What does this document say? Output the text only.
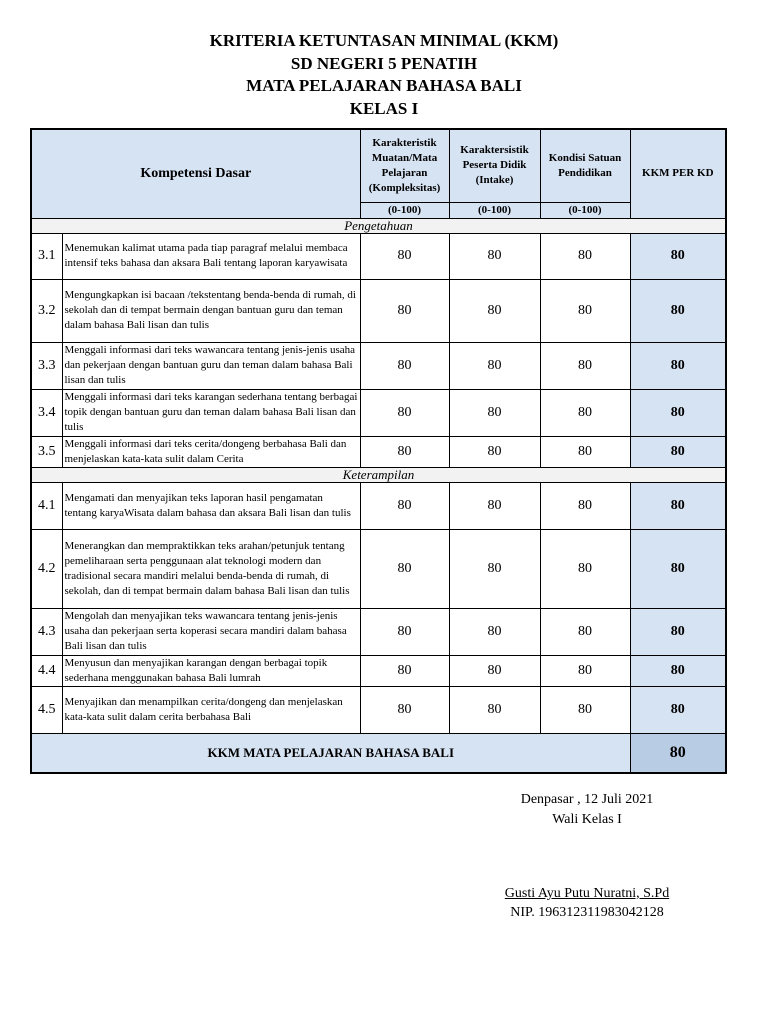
KRITERIA KETUNTASAN MINIMAL (KKM)
SD NEGERI 5 PENATIH
MATA PELAJARAN BAHASA BALI
KELAS I
Kompetensi Dasar		Karakteristik Muatan/Mata Pelajaran (Kompleksitas)	Karaktersistik Peserta Didik (Intake)	Kondisi Satuan Pendidikan	KKM PER KD
		(0-100)	(0-100)	(0-100)	
Pengetahuan					
3.1	Menemukan kalimat utama pada tiap paragraf melalui membaca intensif teks bahasa dan aksara Bali tentang laporan karyawisata	80	80	80	80
3.2	Mengungkapkan isi bacaan /tekstentang benda-benda di rumah, di sekolah dan di tempat bermain dengan bantuan guru dan teman dalam bahasa Bali lisan dan tulis	80	80	80	80
3.3	Menggali informasi dari teks wawancara tentang jenis-jenis usaha dan pekerjaan dengan bantuan guru dan teman dalam bahasa Bali lisan dan tulis	80	80	80	80
3.4	Menggali informasi dari teks karangan sederhana tentang berbagai topik dengan bantuan guru dan teman dalam bahasa Bali lisan dan tulis	80	80	80	80
3.5	Menggali informasi dari teks cerita/dongeng berbahasa Bali dan menjelaskan kata-kata sulit dalam Cerita	80	80	80	80
Keterampilan					
4.1	Mengamati dan menyajikan teks laporan hasil pengamatan tentang karyaWisata dalam bahasa dan aksara Bali lisan dan tulis	80	80	80	80
4.2	Menerangkan dan mempraktikkan teks arahan/petunjuk tentang pemeliharaan serta penggunaan alat teknologi modern dan tradisional secara mandiri melalui benda-benda di rumah, di sekolah, dan di tempat bermain dalam bahasa Bali lisan dan tulis	80	80	80	80
4.3	Mengolah dan menyajikan teks wawancara tentang jenis-jenis usaha dan pekerjaan serta koperasi secara mandiri dalam bahasa Bali lisan dan tulis	80	80	80	80
4.4	Menyusun dan menyajikan karangan dengan berbagai topik sederhana menggunakan bahasa Bali lumrah	80	80	80	80
4.5	Menyajikan dan menampilkan cerita/dongeng dan menjelaskan kata-kata sulit dalam cerita berbahasa Bali	80	80	80	80
KKM MATA PELAJARAN BAHASA BALI					80
Denpasar , 12 Juli 2021
Wali Kelas I
Gusti Ayu Putu Nuratni, S.Pd
NIP. 196312311983042128
